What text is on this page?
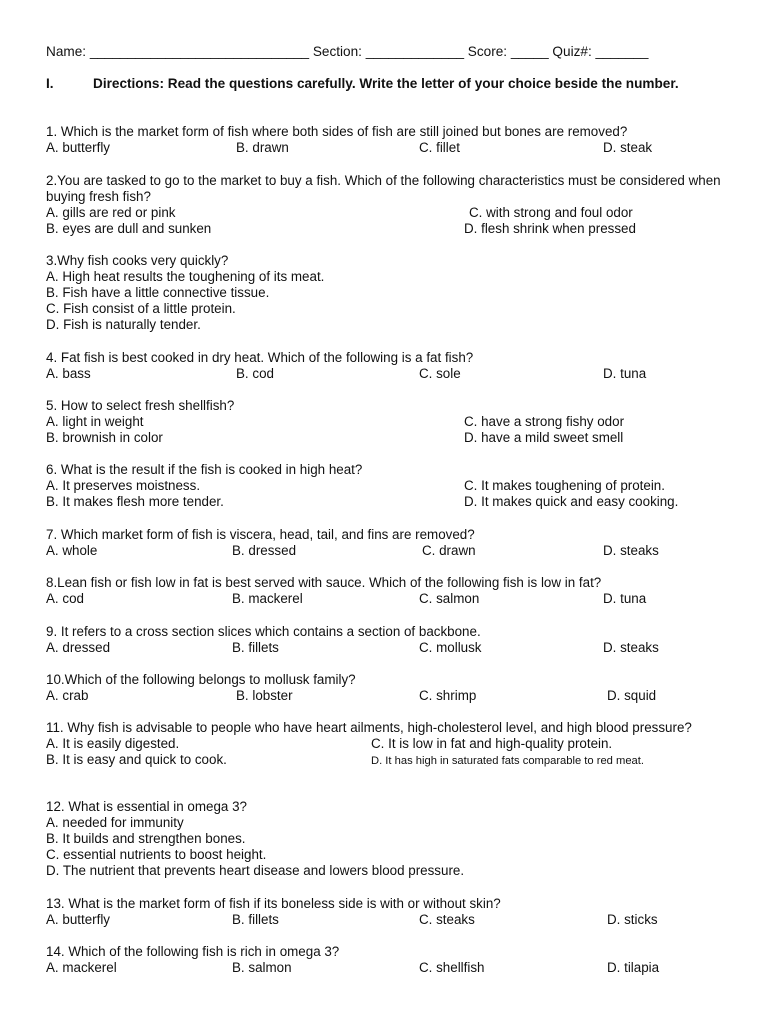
Name: _____________________________ Section: _____________ Score: _____ Quiz#: _______
I.	Directions: Read the questions carefully. Write the letter of your choice beside the number.
1. Which is the market form of fish where both sides of fish are still joined but bones are removed?
A. butterfly	B. drawn	C. fillet	D. steak
2.You are tasked to go to the market to buy a fish. Which of the following characteristics must be considered when buying fresh fish?
A. gills are red or pink	C. with strong and foul odor
B. eyes are dull and sunken	D. flesh shrink when pressed
3.Why fish cooks very quickly?
A. High heat results the toughening of its meat.
B. Fish have a little connective tissue.
C. Fish consist of a little protein.
D. Fish is naturally tender.
4. Fat fish is best cooked in dry heat. Which of the following is a fat fish?
A. bass	B. cod	C. sole	D. tuna
5. How to select fresh shellfish?
A. light in weight	C. have a strong fishy odor
B. brownish in color	D. have a mild sweet smell
6. What is the result if the fish is cooked in high heat?
A. It preserves moistness.	C. It makes toughening of protein.
B. It makes flesh more tender.	D. It makes quick and easy cooking.
7. Which market form of fish is viscera, head, tail, and fins are removed?
A. whole	B. dressed	C. drawn	D. steaks
8.Lean fish or fish low in fat is best served with sauce. Which of the following fish is low in fat?
A. cod	B. mackerel	C. salmon	D. tuna
9. It refers to a cross section slices which contains a section of backbone.
A. dressed	B. fillets	C. mollusk	D. steaks
10.Which of the following belongs to mollusk family?
A. crab	B. lobster	C. shrimp	D. squid
11. Why fish is advisable to people who have heart ailments, high-cholesterol level, and high blood pressure?
A. It is easily digested.	C. It is low in fat and high-quality protein.
B. It is easy and quick to cook.	D. It has high in saturated fats comparable to red meat.
12. What is essential in omega 3?
A. needed for immunity
B. It builds and strengthen bones.
C. essential nutrients to boost height.
D. The nutrient that prevents heart disease and lowers blood pressure.
13. What is the market form of fish if its boneless side is with or without skin?
A. butterfly	B. fillets	C. steaks	D. sticks
14. Which of the following fish is rich in omega 3?
A. mackerel	B. salmon	C. shellfish	D. tilapia
